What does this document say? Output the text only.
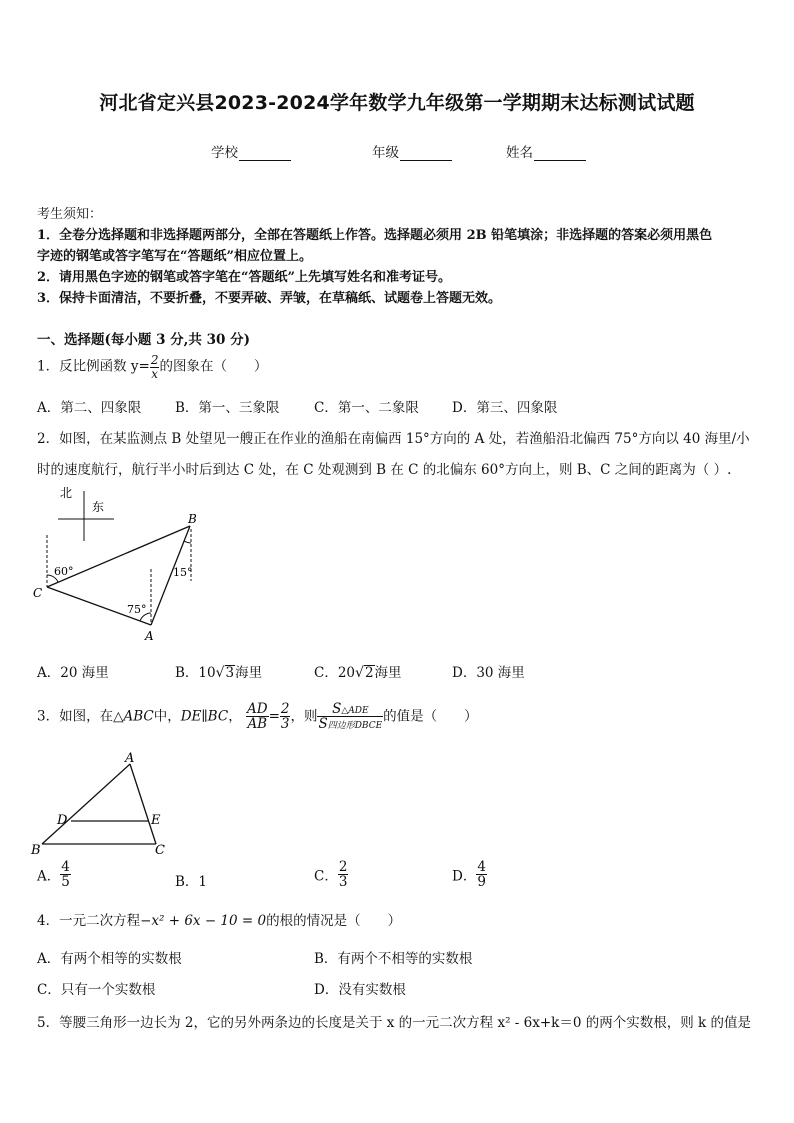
河北省定兴县2023-2024学年数学九年级第一学期期末达标测试试题
学校	年级	姓名
考生须知：
1．全卷分选择题和非选择题两部分，全部在答题纸上作答。选择题必须用 2B 铅笔填涂；非选择题的答案必须用黑色
字迹的钢笔或答字笔写在“答题纸”相应位置上。
2．请用黑色字迹的钢笔或答字笔在“答题纸”上先填写姓名和准考证号。
3．保持卡面清洁，不要折叠，不要弄破、弄皱，在草稿纸、试题卷上答题无效。
一、选择题(每小题 3 分,共 30 分)
1．反比例函数 $y= \frac{2}{x}$ 的图象在（　　）
A．第二、四象限	B．第一、三象限	C．第一、二象限 D．第三、四象限
2．如图，在某监测点 B 处望见一艘正在作业的渔船在南偏西 15°方向的 A 处，若渔船沿北偏西 75°方向以 40 海里/小
时的速度航行，航行半小时后到达 C 处，在 C 处观测到 B 在 C 的北偏东 60°方向上，则 B、C 之间的距离为（ ）.
北
东
B
C
A
60°	15°
75°
A．20 海里	B．10√3海里	C．20√2海里	D．30 海里
3．如图，在△ABC中，DE∥BC， $\frac{AD}{AB} = \frac{2}{3}$ ，则 $\frac{\text{S△ADE}}{\text{S四边形DBCE}}$ 的值是（　　）
A
B	C
D	E
A． $\frac{4}{5}$	B．1	C． $\frac{2}{3}$	D． $\frac{4}{9}$
4．一元二次方程−x² + 6x − 10 = 0的根的情况是（　　）
A．有两个相等的实数根	B．有两个不相等的实数根
C．只有一个实数根	D．没有实数根
5．等腰三角形一边长为 2，它的另外两条边的长度是关于 x 的一元二次方程 x² - 6x+k＝0 的两个实数根，则 k 的值是
